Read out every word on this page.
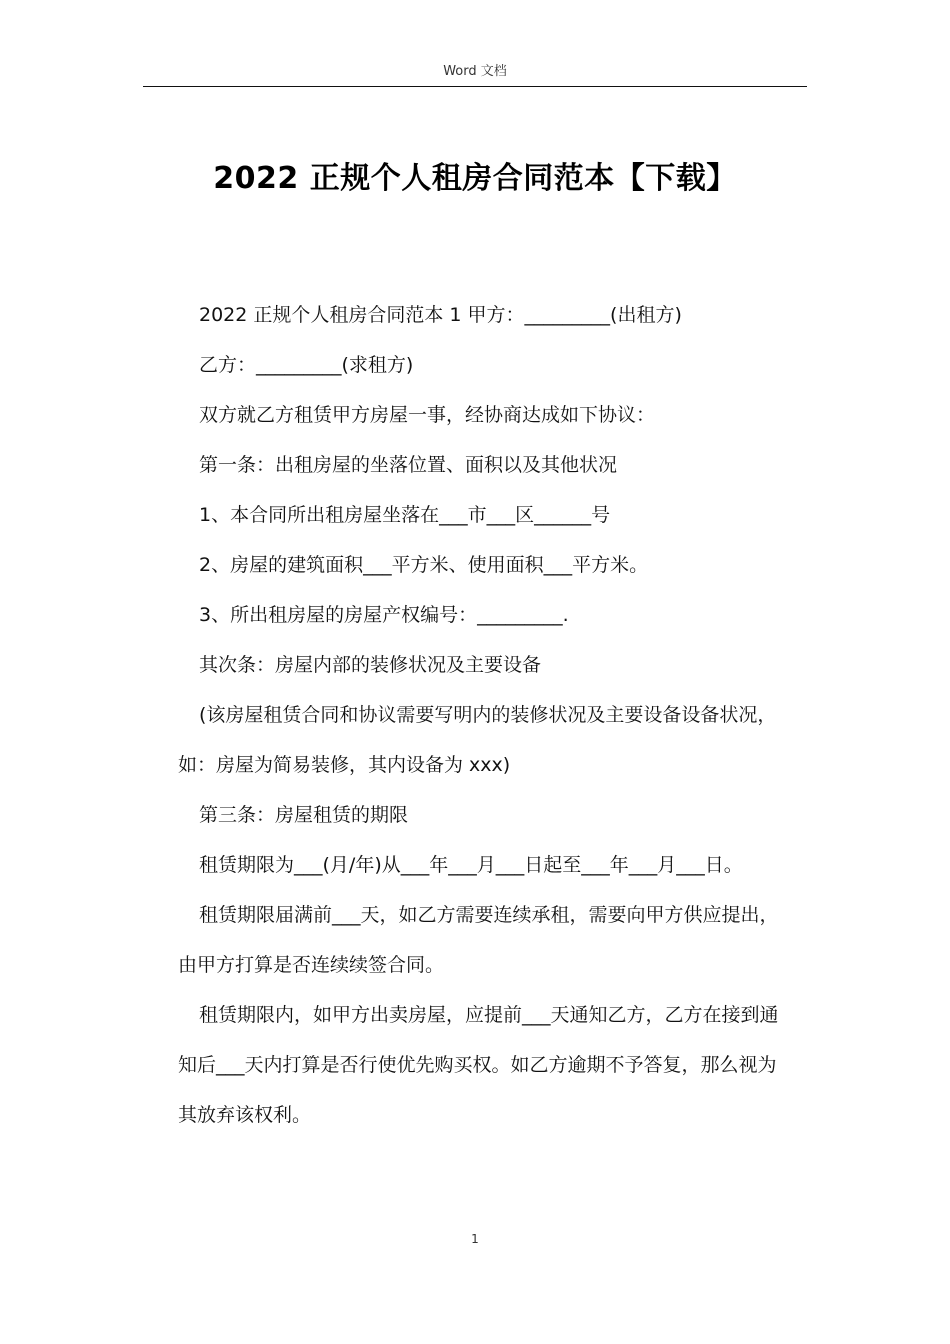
Word 文档
2022 正规个人租房合同范本【下载】

2022 正规个人租房合同范本 1 甲方：_________(出租方)

乙方：_________(求租方)

双方就乙方租赁甲方房屋一事，经协商达成如下协议：

第一条：出租房屋的坐落位置、面积以及其他状况

1、本合同所出租房屋坐落在___市___区______号

2、房屋的建筑面积___平方米、使用面积___平方米。

3、所出租房屋的房屋产权编号：_________.

其次条：房屋内部的装修状况及主要设备

(该房屋租赁合同和协议需要写明内的装修状况及主要设备设备状况，如：房屋为简易装修，其内设备为 xxx)

第三条：房屋租赁的期限

租赁期限为___(月/年)从___年___月___日起至___年___月___日。

租赁期限届满前___天，如乙方需要连续承租，需要向甲方供应提出，由甲方打算是否连续续签合同。

租赁期限内，如甲方出卖房屋，应提前___天通知乙方，乙方在接到通知后___天内打算是否行使优先购买权。如乙方逾期不予答复，那么视为其放弃该权利。

1
